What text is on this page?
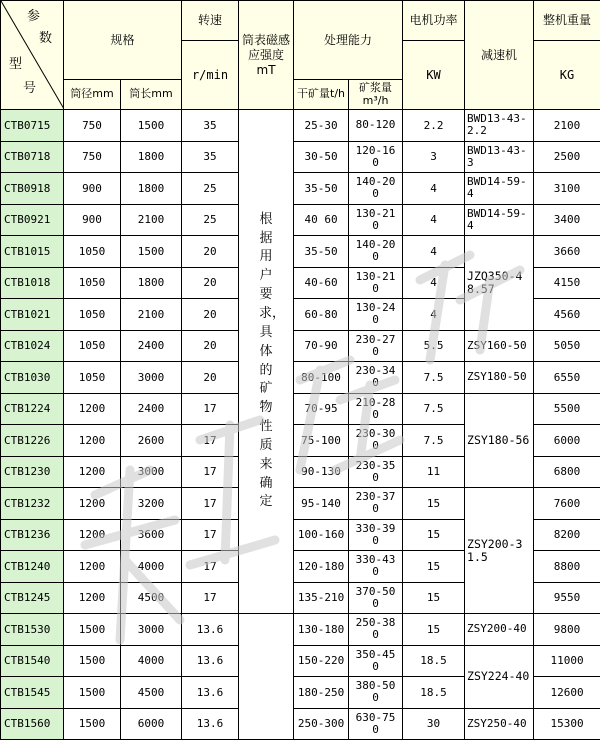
参
数
型
号	规格		转速	筒表磁感应强度mT	处理能力		电机功率	减速机	整机重量
			r/min				KW		KG
	筒径mm	筒长mm			干矿量t/h	矿浆量m³/h			
CTB0715	750	1500	35	根据用户要求，具体的矿物性质来确定	25-30	80-120	2.2	BWD13-43-2.2	2100
CTB0718	750	1800	35		30-50	120-160	3	BWD13-43-3	2500
CTB0918	900	1800	25		35-50	140-200	4	BWD14-59-4	3100
CTB0921	900	2100	25		40 60	130-210	4	BWD14-59-4	3400
CTB1015	1050	1500	20		35-50	140-200	4	JZQ350-48.57	3660
CTB1018	1050	1800	20		40-60	130-210	4		4150
CTB1021	1050	2100	20		60-80	130-240	4		4560
CTB1024	1050	2400	20		70-90	230-270	5.5	ZSY160-50	5050
CTB1030	1050	3000	20		80-100	230-340	7.5	ZSY180-50	6550
CTB1224	1200	2400	17		70-95	210-280	7.5	ZSY180-56	5500
CTB1226	1200	2600	17		75-100	230-300	7.5		6000
CTB1230	1200	3000	17		90-130	230-350	11		6800
CTB1232	1200	3200	17		95-140	230-370	15	ZSY200-31.5	7600
CTB1236	1200	3600	17		100-160	330-390	15		8200
CTB1240	1200	4000	17		120-180	330-430	15		8800
CTB1245	1200	4500	17		135-210	370-500	15		9550
CTB1530	1500	3000	13.6		130-180	250-380	15	ZSY200-40	9800
CTB1540	1500	4000	13.6		150-220	350-450	18.5	ZSY224-40	11000
CTB1545	1500	4500	13.6		180-250	380-500	18.5		12600
CTB1560	1500	6000	13.6		250-300	630-750	30	ZSY250-40	15300
